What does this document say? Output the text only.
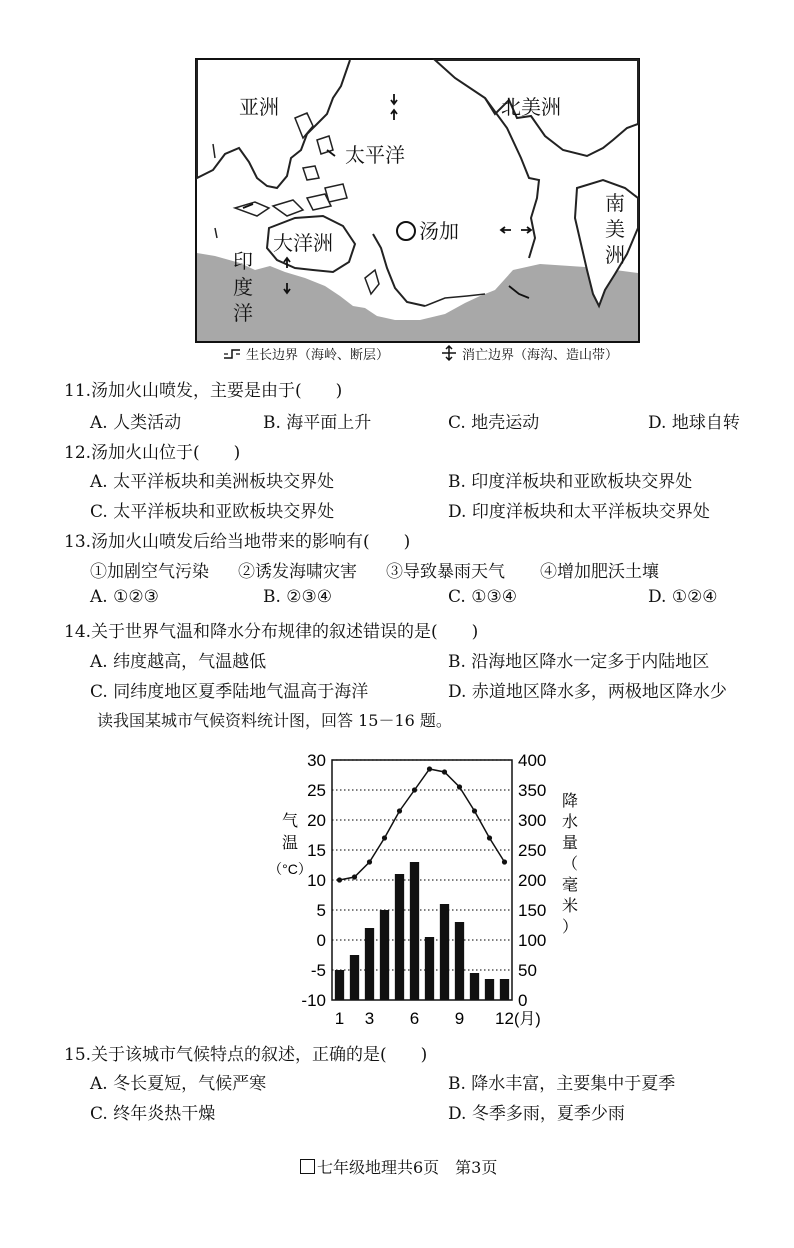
亚洲	北美洲
太平洋
汤加
大洋洲
南美洲
印度洋
生长边界（海岭、断层）	消亡边界（海沟、造山带）
11.汤加火山喷发，主要是由于(　　)
A. 人类活动	B. 海平面上升	C. 地壳运动	D. 地球自转
12.汤加火山位于(　　)
A. 太平洋板块和美洲板块交界处	B. 印度洋板块和亚欧板块交界处
C. 太平洋板块和亚欧板块交界处	D. 印度洋板块和太平洋板块交界处
13.汤加火山喷发后给当地带来的影响有(　　)
①加剧空气污染 ②诱发海啸灾害 ③导致暴雨天气 ④增加肥沃土壤
A. ①②③	B. ②③④	C. ①③④	D. ①②④
14.关于世界气温和降水分布规律的叙述错误的是(　　)
A. 纬度越高，气温越低	B. 沿海地区降水一定多于内陆地区
C. 同纬度地区夏季陆地气温高于海洋	D. 赤道地区降水多，两极地区降水少
读我国某城市气候资料统计图，回答 15－16 题。
30	400
25	350
20	300
15	250
10	200
5	150
0	100
-5	50
-10	0
1 3 6 9 12 (月)
气温
（°C）
降水量（毫米）
15.关于该城市气候特点的叙述，正确的是(　　)
A. 冬长夏短，气候严寒	B. 降水丰富，主要集中于夏季
C. 终年炎热干燥	D. 冬季多雨，夏季少雨
七年级地理共6页　第3页
